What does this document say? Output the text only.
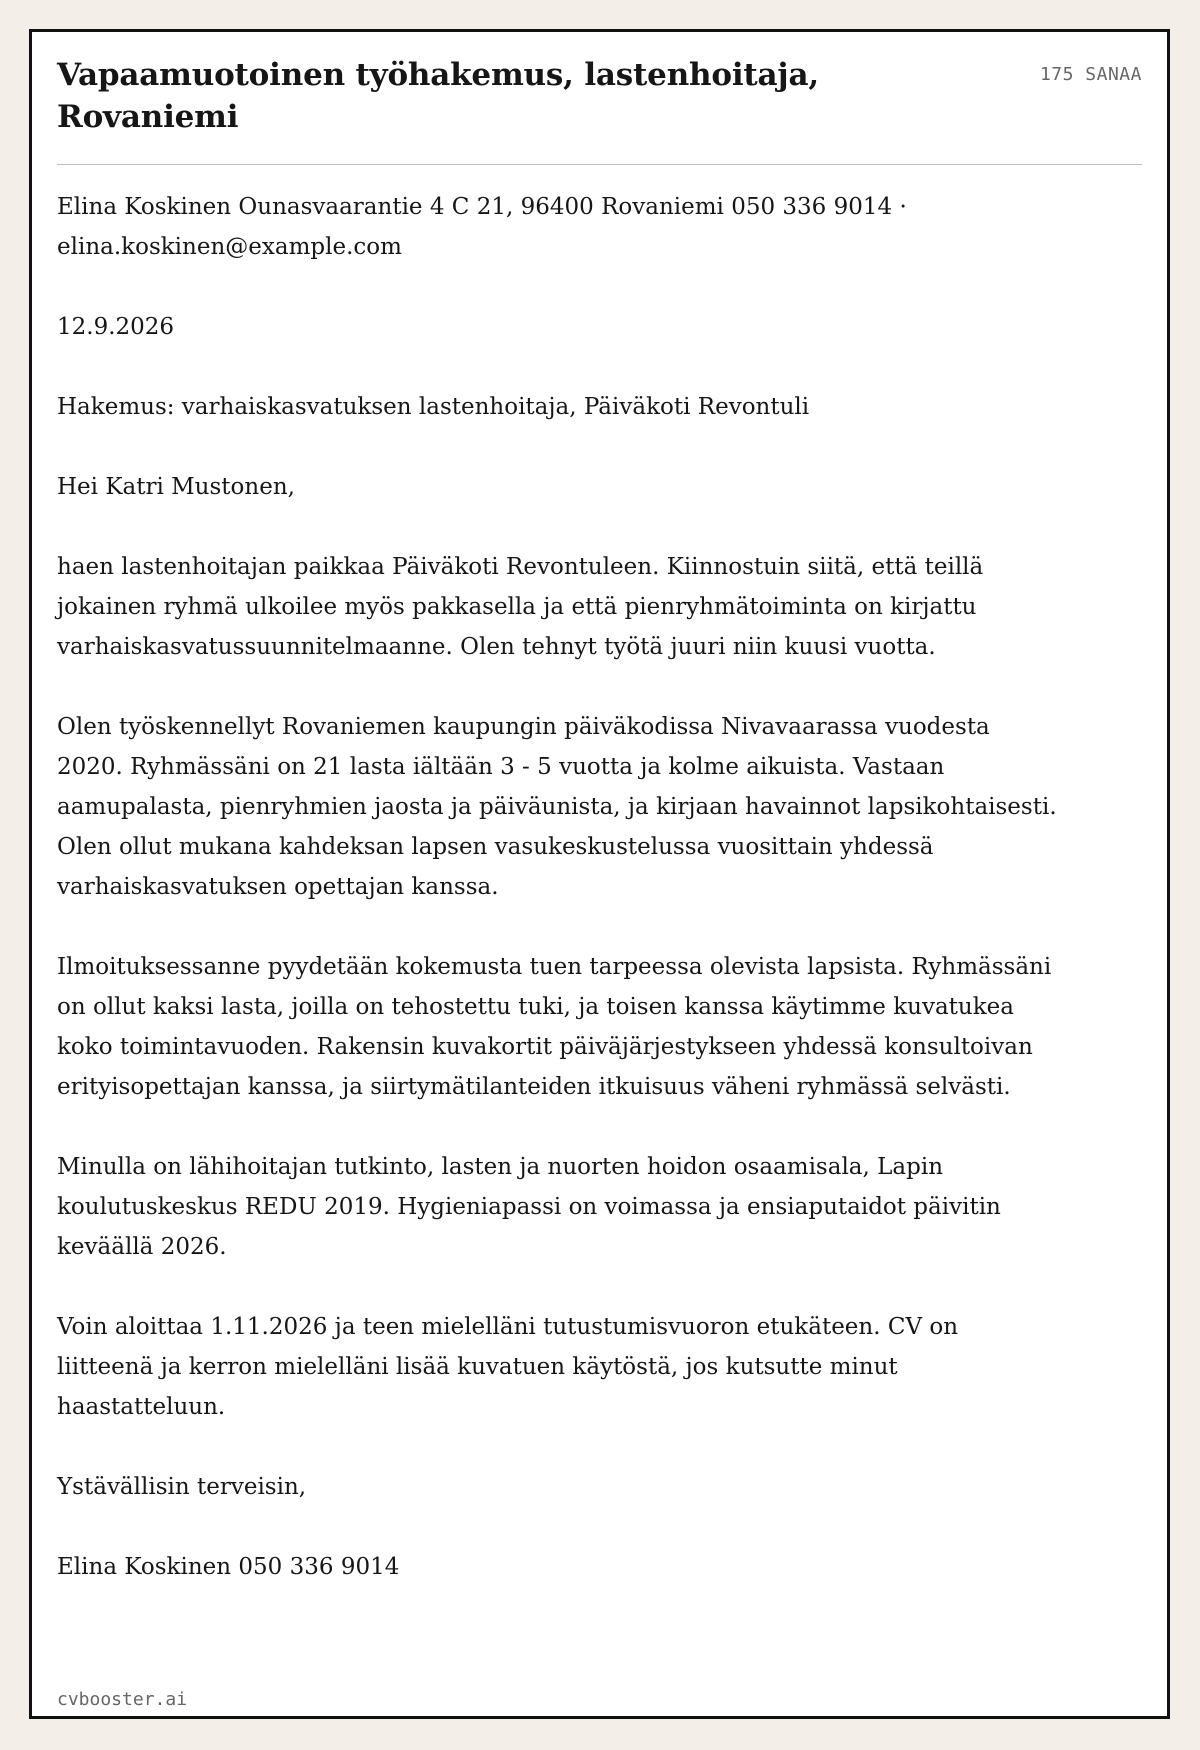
Vapaamuotoinen työhakemus, lastenhoitaja, Rovaniemi
175 SANAA

Elina Koskinen Ounasvaarantie 4 C 21, 96400 Rovaniemi 050 336 9014 · elina.koskinen@example.com

12.9.2026

Hakemus: varhaiskasvatuksen lastenhoitaja, Päiväkoti Revontuli

Hei Katri Mustonen,

haen lastenhoitajan paikkaa Päiväkoti Revontuleen. Kiinnostuin siitä, että teillä jokainen ryhmä ulkoilee myös pakkasella ja että pienryhmätoiminta on kirjattu varhaiskasvatussuunnitelmaanne. Olen tehnyt työtä juuri niin kuusi vuotta.

Olen työskennellyt Rovaniemen kaupungin päiväkodissa Nivavaarassa vuodesta 2020. Ryhmässäni on 21 lasta iältään 3 - 5 vuotta ja kolme aikuista. Vastaan aamupalasta, pienryhmien jaosta ja päiväunista, ja kirjaan havainnot lapsikohtaisesti. Olen ollut mukana kahdeksan lapsen vasukeskustelussa vuosittain yhdessä varhaiskasvatuksen opettajan kanssa.

Ilmoituksessanne pyydetään kokemusta tuen tarpeessa olevista lapsista. Ryhmässäni on ollut kaksi lasta, joilla on tehostettu tuki, ja toisen kanssa käytimme kuvatukea koko toimintavuoden. Rakensin kuvakortit päiväjärjestykseen yhdessä konsultoivan erityisopettajan kanssa, ja siirtymätilanteiden itkuisuus väheni ryhmässä selvästi.

Minulla on lähihoitajan tutkinto, lasten ja nuorten hoidon osaamisala, Lapin koulutuskeskus REDU 2019. Hygieniapassi on voimassa ja ensiaputaidot päivitin keväällä 2026.

Voin aloittaa 1.11.2026 ja teen mielelläni tutustumisvuoron etukäteen. CV on liitteenä ja kerron mielelläni lisää kuvatuen käytöstä, jos kutsutte minut haastatteluun.

Ystävällisin terveisin,

Elina Koskinen 050 336 9014

cvbooster.ai
